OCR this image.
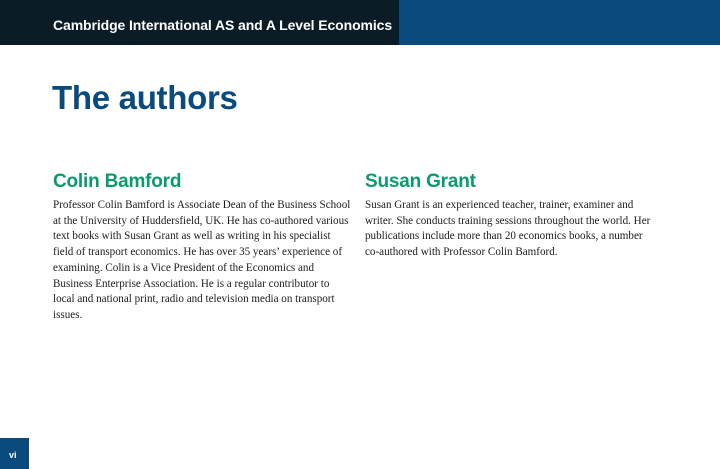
Cambridge International AS and A Level Economics
The authors
Colin Bamford

Professor Colin Bamford is Associate Dean of the Business School at the University of Huddersfield, UK. He has co-authored various text books with Susan Grant as well as writing in his specialist field of transport economics. He has over 35 years’ experience of examining. Colin is a Vice President of the Economics and Business Enterprise Association. He is a regular contributor to local and national print, radio and television media on transport issues.

Susan Grant

Susan Grant is an experienced teacher, trainer, examiner and writer. She conducts training sessions throughout the world. Her publications include more than 20 economics books, a number co-authored with Professor Colin Bamford.

vi
